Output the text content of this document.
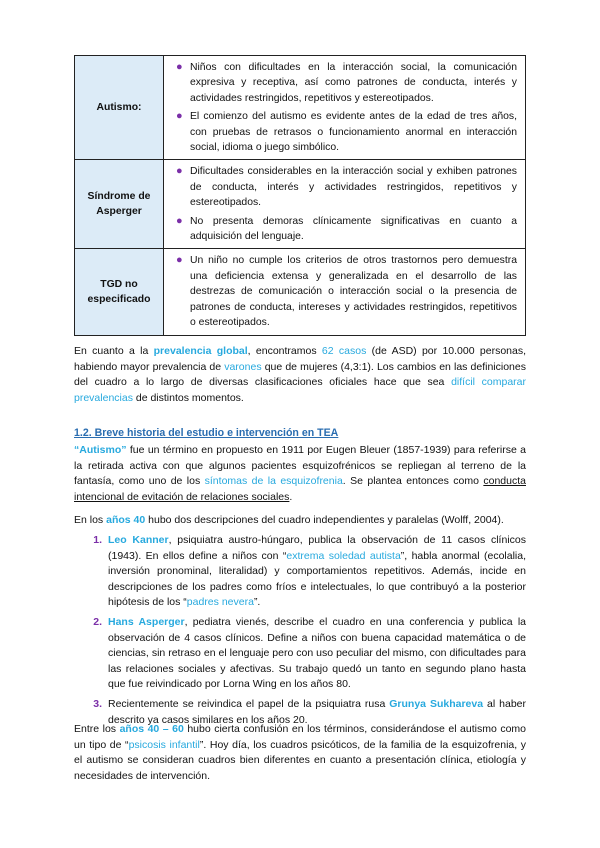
Autismo:	● Niños con dificultades en la interacción social, la comunicación expresiva y receptiva, así como patrones de conducta, interés y actividades restringidos, repetitivos y estereotipados.
● El comienzo del autismo es evidente antes de la edad de tres años, con pruebas de retrasos o funcionamiento anormal en interacción social, idioma o juego simbólico.

Síndrome de Asperger	● Dificultades considerables en la interacción social y exhiben patrones de conducta, interés y actividades restringidos, repetitivos y estereotipados.
● No presenta demoras clínicamente significativas en cuanto a adquisición del lenguaje.

TGD no especificado	● Un niño no cumple los criterios de otros trastornos pero demuestra una deficiencia extensa y generalizada en el desarrollo de las destrezas de comunicación o interacción social o la presencia de patrones de conducta, intereses y actividades restringidos, repetitivos o estereotipados.

En cuanto a la prevalencia global, encontramos 62 casos (de ASD) por 10.000 personas, habiendo mayor prevalencia de varones que de mujeres (4,3:1). Los cambios en las definiciones del cuadro a lo largo de diversas clasificaciones oficiales hace que sea difícil comparar prevalencias de distintos momentos.

1.2. Breve historia del estudio e intervención en TEA

“Autismo” fue un término en propuesto en 1911 por Eugen Bleuer (1857-1939) para referirse a la retirada activa con que algunos pacientes esquizofrénicos se repliegan al terreno de la fantasía, como uno de los síntomas de la esquizofrenia. Se plantea entonces como conducta intencional de evitación de relaciones sociales.

En los años 40 hubo dos descripciones del cuadro independientes y paralelas (Wolff, 2004).

1. Leo Kanner, psiquiatra austro-húngaro, publica la observación de 11 casos clínicos (1943). En ellos define a niños con “extrema soledad autista”, habla anormal (ecolalia, inversión pronominal, literalidad) y comportamientos repetitivos. Además, incide en descripciones de los padres como fríos e intelectuales, lo que contribuyó a la posterior hipótesis de los “padres nevera”.
2. Hans Asperger, pediatra vienés, describe el cuadro en una conferencia y publica la observación de 4 casos clínicos. Define a niños con buena capacidad matemática o de ciencias, sin retraso en el lenguaje pero con uso peculiar del mismo, con dificultades para las relaciones sociales y afectivas. Su trabajo quedó un tanto en segundo plano hasta que fue reivindicado por Lorna Wing en los años 80.
3. Recientemente se reivindica el papel de la psiquiatra rusa Grunya Sukhareva al haber descrito ya casos similares en los años 20.

Entre los años 40 – 60 hubo cierta confusión en los términos, considerándose el autismo como un tipo de “psicosis infantil”. Hoy día, los cuadros psicóticos, de la familia de la esquizofrenia, y el autismo se consideran cuadros bien diferentes en cuanto a presentación clínica, etiología y necesidades de intervención.
